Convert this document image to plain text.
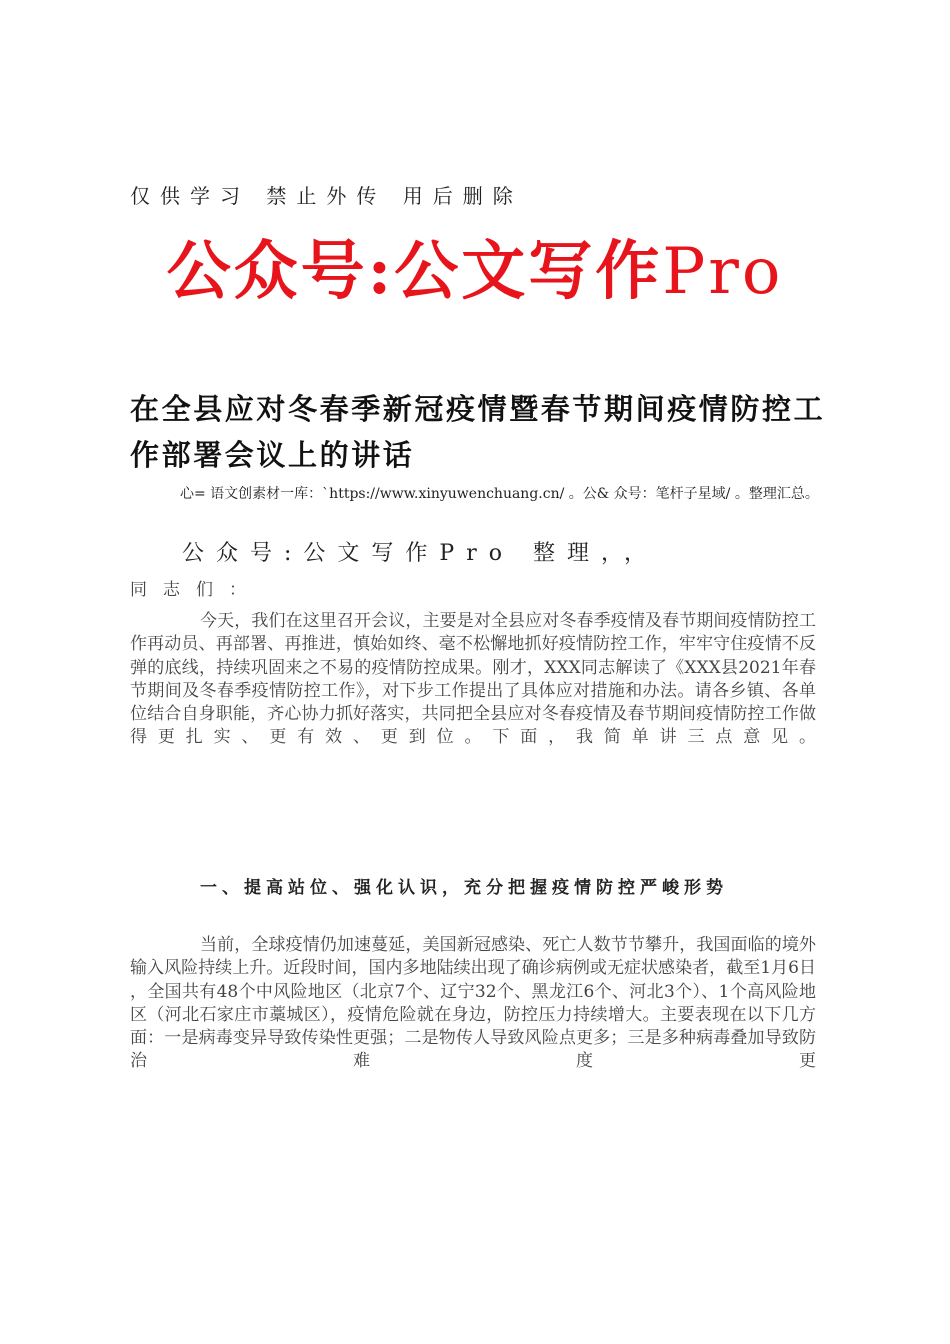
仅供学习 禁止外传 用后删除
公众号:公文写作Pro
在全县应对冬春季新冠疫情暨春节期间疫情防控工作部署会议上的讲话
心= 语文创素材一库：`https://www.xinyuwenchuang.cn/ 。公& 众号：笔杆子星域/ 。整理汇总。
公众号:公文写作Pro 整理，，
同志们：
今天，我们在这里召开会议，主要是对全县应对冬春季疫情及春节期间疫情防控工作再动员、再部署、再推进，慎始如终、毫不松懈地抓好疫情防控工作，牢牢守住疫情不反弹的底线，持续巩固来之不易的疫情防控成果。刚才，XXX同志解读了《XXX县2021年春节期间及冬春季疫情防控工作》，对下步工作提出了具体应对措施和办法。请各乡镇、各单位结合自身职能，齐心协力抓好落实，共同把全县应对冬春疫情及春节期间疫情防控工作做得更扎实、更有效、更到位。下面，我简单讲三点意见。
一、提高站位、强化认识，充分把握疫情防控严峻形势
当前，全球疫情仍加速蔓延，美国新冠感染、死亡人数节节攀升，我国面临的境外输入风险持续上升。近段时间，国内多地陆续出现了确诊病例或无症状感染者，截至1月6日，全国共有48个中风险地区（北京7个、辽宁32个、黑龙江6个、河北3个）、1个高风险地区（河北石家庄市藁城区），疫情危险就在身边，防控压力持续增大。主要表现在以下几方面：一是病毒变异导致传染性更强；二是物传人导致风险点更多；三是多种病毒叠加导致防治难度更
